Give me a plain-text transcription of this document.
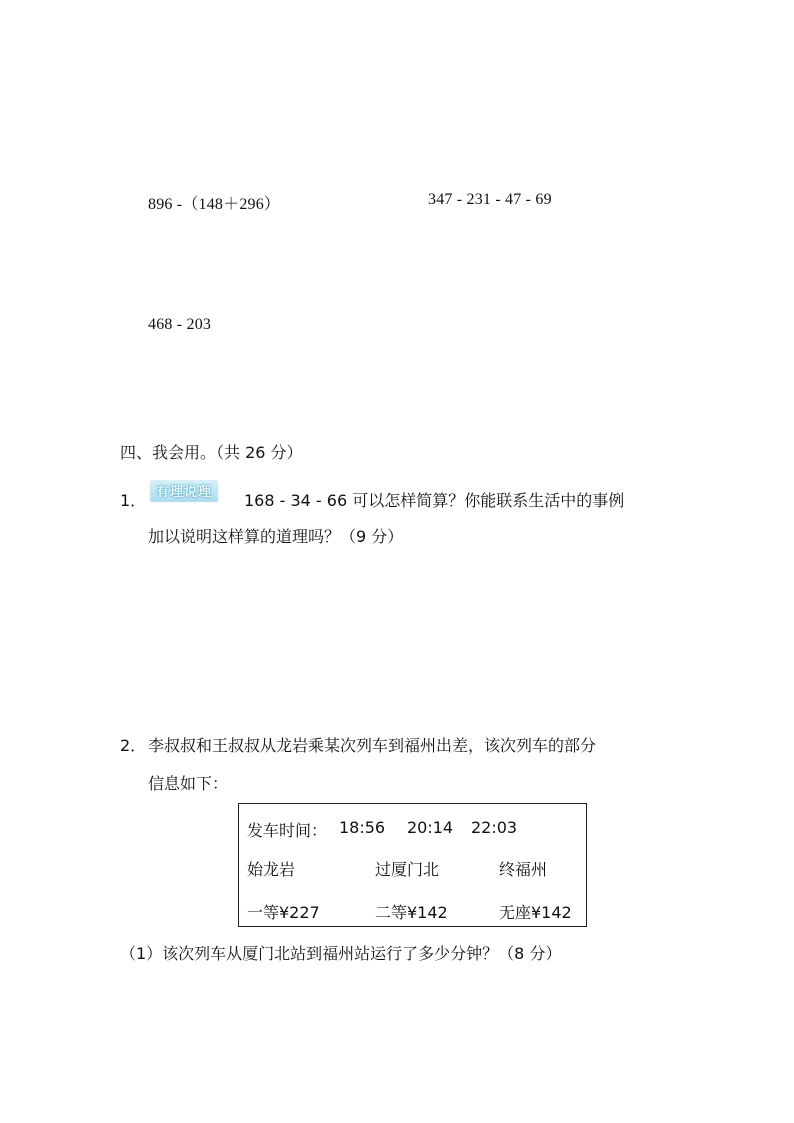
896 -（148＋296）	347 - 231 - 47 - 69
468 - 203
四、我会用。（共 26 分）
1． 有理说理	168 - 34 - 66 可以怎样简算？你能联系生活中的事例
加以说明这样算的道理吗？（9 分）
2． 李叔叔和王叔叔从龙岩乘某次列车到福州出差，该次列车的部分
信息如下：
发车时间： 18:56 20:14 22:03
始龙岩	过厦门北	终福州
一等¥227	二等¥142	无座¥142
（1）该次列车从厦门北站到福州站运行了多少分钟？（8 分）
